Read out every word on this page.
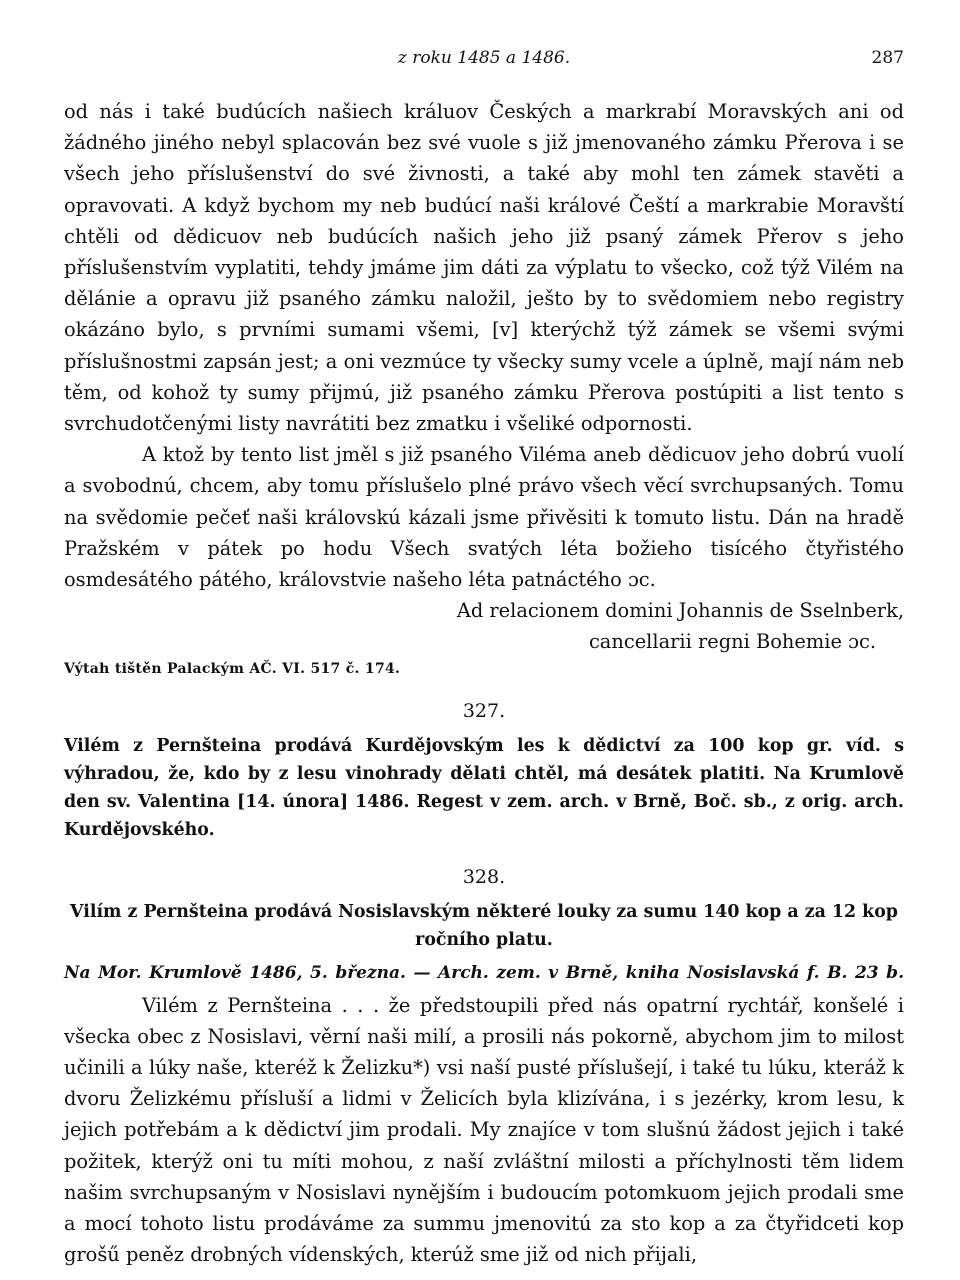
z roku 1485 a 1486.	287

od nás i také budúcích našiech králuov Českých a markrabí Moravských ani od žádného jiného nebyl splacován bez své vuole s již jmenovaného zámku Přerova i se všech jeho příslušenství do své živnosti, a také aby mohl ten zámek stavěti a opravovati. A když bychom my neb budúcí naši králové Čeští a markrabie Moravští chtěli od dědicuov neb budúcích našich jeho již psaný zámek Přerov s jeho příslušenstvím vyplatiti, tehdy jmáme jim dáti za výplatu to všecko, což týž Vilém na dělánie a opravu již psaného zámku naložil, ješto by to svědomiem nebo registry okázáno bylo, s prvními sumami všemi, [v] kterýchž týž zámek se všemi svými příslušnostmi zapsán jest; a oni vezmúce ty všecky sumy vcele a úplně, mají nám neb těm, od kohož ty sumy přijmú, již psaného zámku Přerova postúpiti a list tento s svrchudotčenými listy navrátiti bez zmatku i všeliké odpornosti.

A ktož by tento list jměl s již psaného Viléma aneb dědicuov jeho dobrú vuolí a svobodnú, chcem, aby tomu příslušelo plné právo všech věcí svrchupsaných. Tomu na svědomie pečeť naši královskú kázali jsme přivěsiti k tomuto listu. Dán na hradě Pražském v pátek po hodu Všech svatých léta božieho tisícého čtyřistého osmdesátého pátého, královstvie našeho léta patnáctého ɔc.

Ad relacionem domini Johannis de Sselnberk,

cancellarii regni Bohemie ɔc.

Výtah tištěn Palackým AČ. VI. 517 č. 174.

327.

Vilém z Pernšteina prodává Kurdějovským les k dědictví za 100 kop gr. víd. s výhradou, že, kdo by z lesu vinohrady dělati chtěl, má desátek platiti. Na Krumlově den sv. Valentina [14. února] 1486. Regest v zem. arch. v Brně, Boč. sb., z orig. arch. Kurdějovského.

328.

Vilím z Pernšteina prodává Nosislavským některé louky za sumu 140 kop a za 12 kop ročního platu.

Na Mor. Krumlově 1486, 5. března. — Arch. zem. v Brně, kniha Nosislavská f. B. 23 b.

Vilém z Pernšteina . . . že předstoupili před nás opatrní rychtář, konšelé i všecka obec z Nosislavi, věrní naši milí, a prosili nás pokorně, abychom jim to milost učinili a lúky naše, kteréž k Želizku*) vsi naší pusté příslušejí, i také tu lúku, kteráž k dvoru Želizkému přísluší a lidmi v Želicích byla klizívána, i s jezérky, krom lesu, k jejich potřebám a k dědictví jim prodali. My znajíce v tom slušnú žádost jejich i také požitek, kterýž oni tu míti mohou, z naší zvláštní milosti a příchylnosti těm lidem našim svrchupsaným v Nosislavi nynějším i budoucím potomkuom jejich prodali sme a mocí tohoto listu prodáváme za summu jmenovitú za sto kop a za čtyřidceti kop grošű peněz drobných vídenských, kterúž sme již od nich přijali,
